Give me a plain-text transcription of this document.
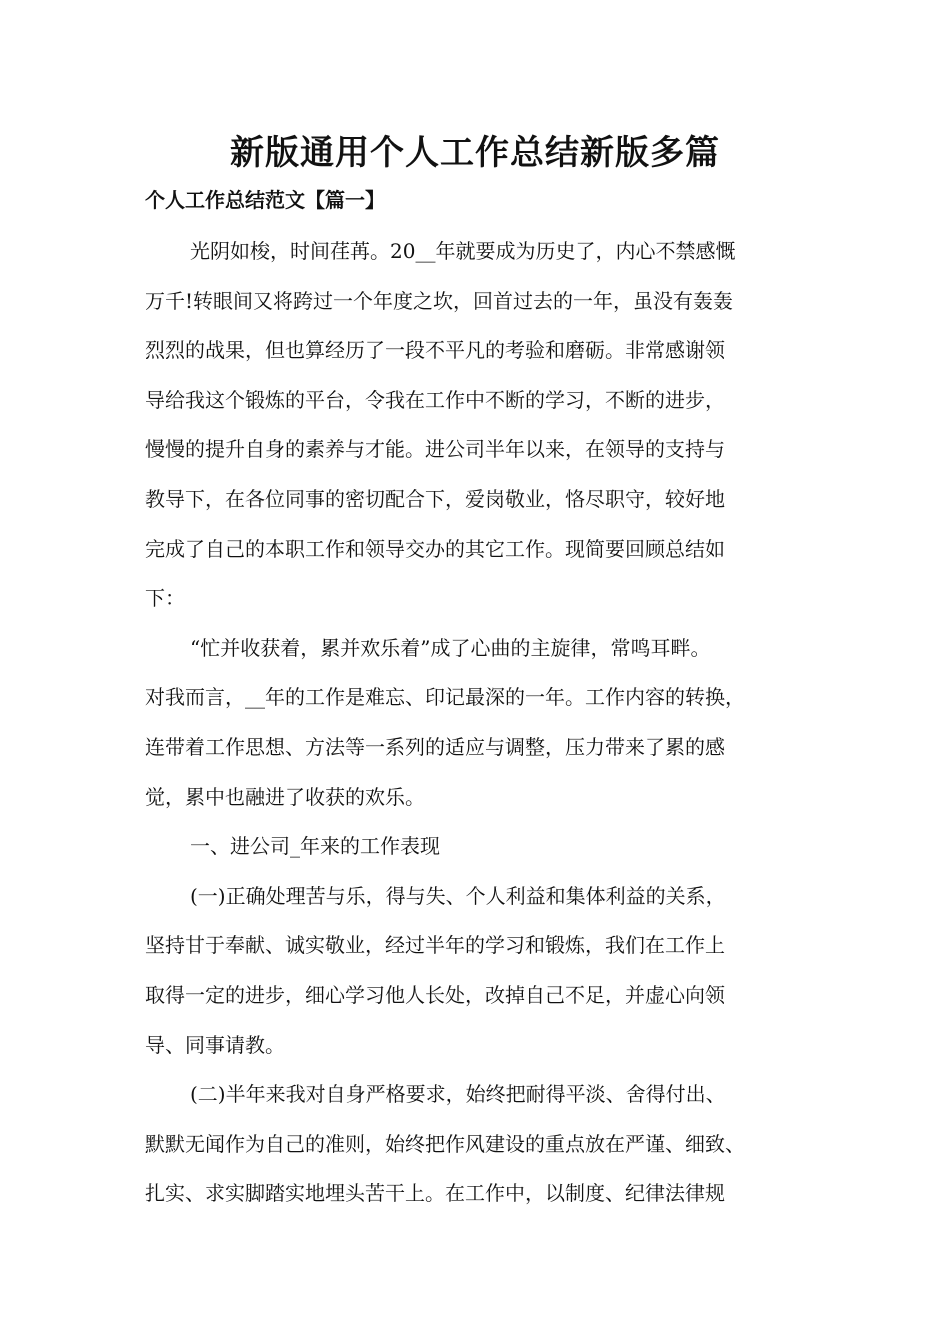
新版通用个人工作总结新版多篇
个人工作总结范文【篇一】
光阴如梭，时间荏苒。20__年就要成为历史了，内心不禁感慨
万千!转眼间又将跨过一个年度之坎，回首过去的一年，虽没有轰轰
烈烈的战果，但也算经历了一段不平凡的考验和磨砺。非常感谢领
导给我这个锻炼的平台，令我在工作中不断的学习，不断的进步，
慢慢的提升自身的素养与才能。进公司半年以来，在领导的支持与
教导下，在各位同事的密切配合下，爱岗敬业，恪尽职守，较好地
完成了自己的本职工作和领导交办的其它工作。现简要回顾总结如
下：
“忙并收获着，累并欢乐着”成了心曲的主旋律，常鸣耳畔。
对我而言，__年的工作是难忘、印记最深的一年。工作内容的转换，
连带着工作思想、方法等一系列的适应与调整，压力带来了累的感
觉，累中也融进了收获的欢乐。
一、进公司_年来的工作表现
(一)正确处理苦与乐，得与失、个人利益和集体利益的关系，
坚持甘于奉献、诚实敬业，经过半年的学习和锻炼，我们在工作上
取得一定的进步，细心学习他人长处，改掉自己不足，并虚心向领
导、同事请教。
(二)半年来我对自身严格要求，始终把耐得平淡、舍得付出、
默默无闻作为自己的准则，始终把作风建设的重点放在严谨、细致、
扎实、求实脚踏实地埋头苦干上。在工作中，以制度、纪律法律规
